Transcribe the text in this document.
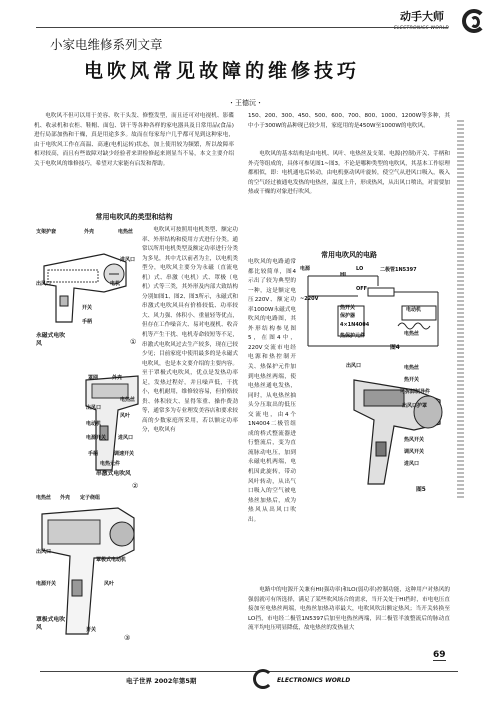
动手大师
ELECTRONICS WORLD
小家电维修系列文章
电吹风常见故障的维修技巧
・王德沅・

电吹风不但可以用于美容、吹干头发、修整发型，而且还可对电视机、影碟机、收录机和衣柜、鞋帽、面包、饼干等各种各样的家电器具及日常用品(食品)进行局部加热和干燥，真是用途多多。故而在每家每户几乎都可见到这种家电，由于电吹风工作在高温、高速(电机运转)状态，加上使用较为频繁，所以故障率相对较高，而且有些故障对缺少经验者来讲检修起来则显当不易，本文主要介绍关于电吹风的维修技巧，希望对大家能有启发和帮助。

常用电吹风的类型和结构
支架护套	外壳	电热丝
进风口
出风口	电机
开关
手柄
永磁式电吹风	①

电吹风可按照用电机类型、额定功率、外形结构和使用方式进行分类。通常以所用电机类型及额定功率进行分类为多见，其中尤以前者为主，以电机类型分，电吹风主要分为永磁（直流电机）式、串激（电机）式、罩极（电机）式等三类，其外形及内部大致结构分别如图1、图2、图3所示，永磁式和串激式电吹风具有价格较低、功率较大、风力强、体积小、重量轻等优点，但存在工作噪音大、易对电视机、收音机等产生干扰、电机寿命较短等不足，串激式电吹风过去生产较多，现在已较少见；目前家庭中使用最多的是永磁式电吹风，也是本文要介绍的主要内容。至于罩极式电吹风，优点是发热功率足，发热过程好，并且噪声低，干扰小，电机耐用，维修较容易，但价格较贵、体积较大、显得笨重、操作费劲等，通常多为专业理发美容店和要求较高的少数家庭所采用，若以额定功率分，电吹风有

罩网	外壳
电热丝
出风口
风叶
电动机
电源开关 进风口
手柄	调速开关
电热元件
串激式电吹风
②
电热丝 外壳 定子绕组
出风口
罩极式电动机
电源开关	风叶
开关
罩极式电吹风
③

150、200、300、450、500、600、700、800、1000、1200W等多种，其中小于300W的品种现已较少用，家庭用的是450W至1000W的电吹风。

电吹风的基本结构是由电机、风叶、电热丝及支架、电源(控制)开关、手柄和外壳等组成的，具体可参见图1~图3。不论是哪种类型的电吹风，其基本工作原理都相似，即：电机通电后转动，由电机驱动风叶旋转，使空气从进风口吸入，吸入的空气经过被通电发热的电热丝，温度上升，形成热风，从出风口喷出，对需要加热或干燥的对象进行吹风。

常用电吹风的电路
电源
HI
LO
OFF
二极管1N5397
~220V
热开关
保护器
4×1N4004
电动机
电热丝
热保护元件
图4
出风口	电热丝
热开关
可拆卸制导件
出风口护罩
热风开关
调风开关
进风口
图5

电吹风的电路通常都比较简单，图4示出了较为典型的一种，这是额定电压220V、额定功率1000W永磁式电吹风的电路图，其外形结构参见图5，在图4中，220V交流市电经电源和热控制开关、热保护元件加到电热丝两端，使电热丝通电发热，同时，从电热丝抽头分压取出的低压交流电，由4个1N4004二极管组成的桥式整流器进行整流后，变为直流脉动电压，加到永磁电机两端，电机因此旋转，带动风叶转动，从出气口吸入的空气被电热丝加热后，成为热风从出风口吹出。

电路中的电源开关兼有HI(强功率)和LO(弱功率)控制功能，这种用户对热风的强弱就可有所选择，满足了某些吹风场合的需求，当开关处于HI挡时，市电电压直接加至电热丝两端，电热丝加热功率最大，电吹风吹出额定热风；当开关转换至LO挡，市电经二极管1N5397后加至电热丝两端，因二极管半波整流后的脉动直流平均电压明显降低，故电热丝的发热量大

69
电子世界 2002年第5期	ELECTRONICS WORLD
